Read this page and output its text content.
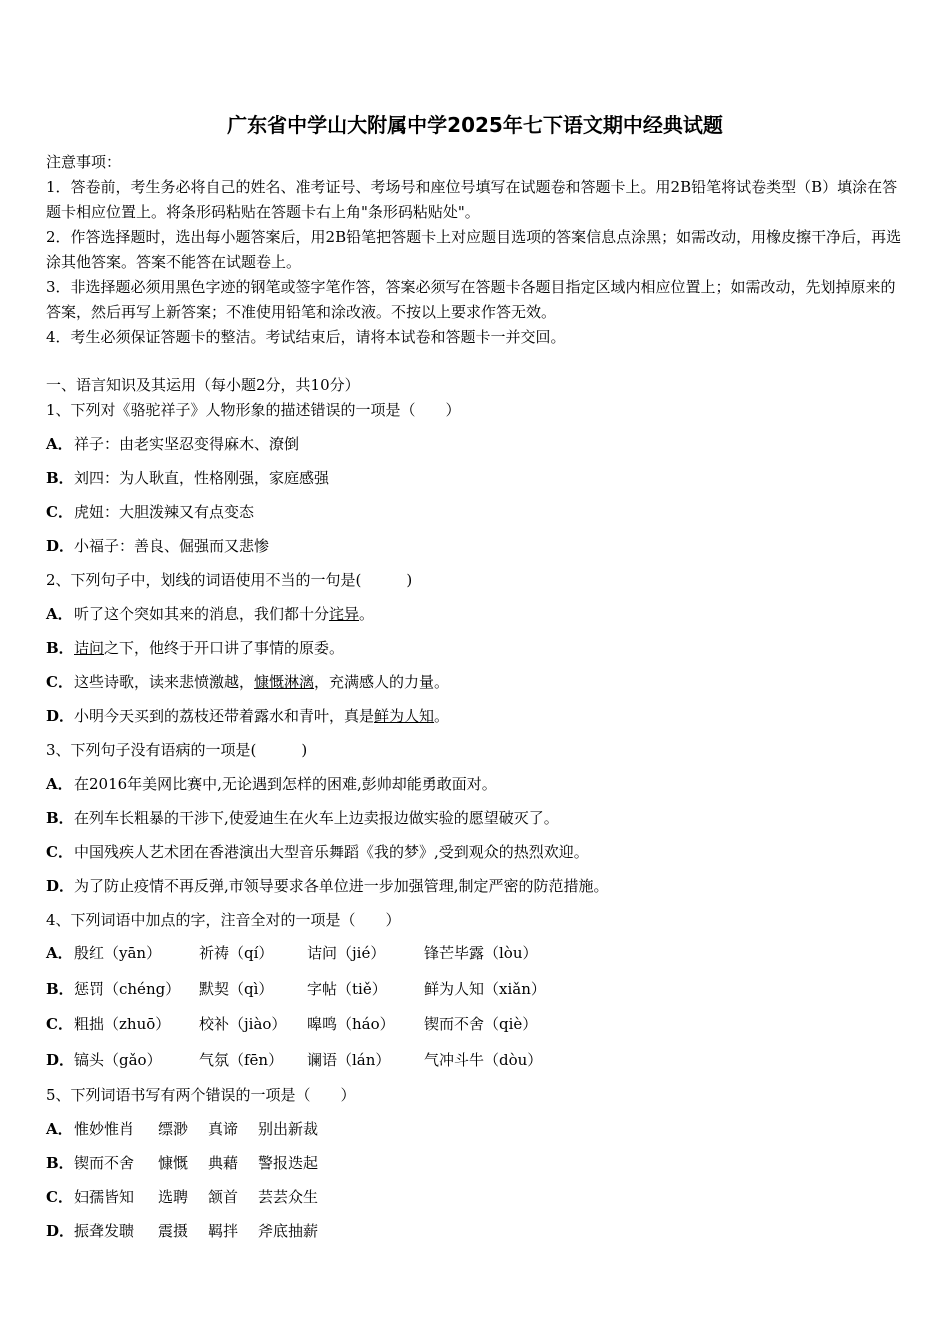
广东省中学山大附属中学2025年七下语文期中经典试题

注意事项：

1．答卷前，考生务必将自己的姓名、准考证号、考场号和座位号填写在试题卷和答题卡上。用2B铅笔将试卷类型（B）填涂在答题卡相应位置上。将条形码粘贴在答题卡右上角"条形码粘贴处"。

2．作答选择题时，选出每小题答案后，用2B铅笔把答题卡上对应题目选项的答案信息点涂黑；如需改动，用橡皮擦干净后，再选涂其他答案。答案不能答在试题卷上。

3．非选择题必须用黑色字迹的钢笔或签字笔作答，答案必须写在答题卡各题目指定区域内相应位置上；如需改动，先划掉原来的答案，然后再写上新答案；不准使用铅笔和涂改液。不按以上要求作答无效。

4．考生必须保证答题卡的整洁。考试结束后，请将本试卷和答题卡一并交回。

一、语言知识及其运用（每小题2分，共10分）
1、下列对《骆驼祥子》人物形象的描述错误的一项是（　　）
A．祥子：由老实坚忍变得麻木、潦倒
B．刘四：为人耿直，性格刚强，家庭感强
C．虎妞：大胆泼辣又有点变态
D．小福子：善良、倔强而又悲惨
2、下列句子中，划线的词语使用不当的一句是(　　　)
A．听了这个突如其来的消息，我们都十分诧异。
B．诘问之下，他终于开口讲了事情的原委。
C．这些诗歌，读来悲愤激越，慷慨淋漓，充满感人的力量。
D．小明今天买到的荔枝还带着露水和青叶，真是鲜为人知。
3、下列句子没有语病的一项是(　　　)
A．在2016年美网比赛中,无论遇到怎样的困难,彭帅却能勇敢面对。
B．在列车长粗暴的干涉下,使爱迪生在火车上边卖报边做实验的愿望破灭了。
C．中国残疾人艺术团在香港演出大型音乐舞蹈《我的梦》,受到观众的热烈欢迎。
D．为了防止疫情不再反弹,市领导要求各单位进一步加强管理,制定严密的防范措施。
4、下列词语中加点的字，注音全对的一项是（　　）
A．殷红（yān）	祈祷（qí） 诘问（jié）	锋芒毕露（lòu）
B．惩罚（chéng） 默契（qì） 字帖（tiě） 鲜为人知（xiǎn）
C．粗拙（zhuō） 校补（jiào） 嗥鸣（háo） 锲而不舍（qiè）
D．镐头（gǎo） 气氛（fēn） 谰语（lán） 气冲斗牛（dòu）
5、下列词语书写有两个错误的一项是（　　）
A．惟妙惟肖 缥渺 真谛 别出新裁
B．锲而不舍 慷慨 典藉 警报迭起
C．妇孺皆知 选聘 颔首 芸芸众生
D．振聋发聩 震摄 羁拌 斧底抽薪
